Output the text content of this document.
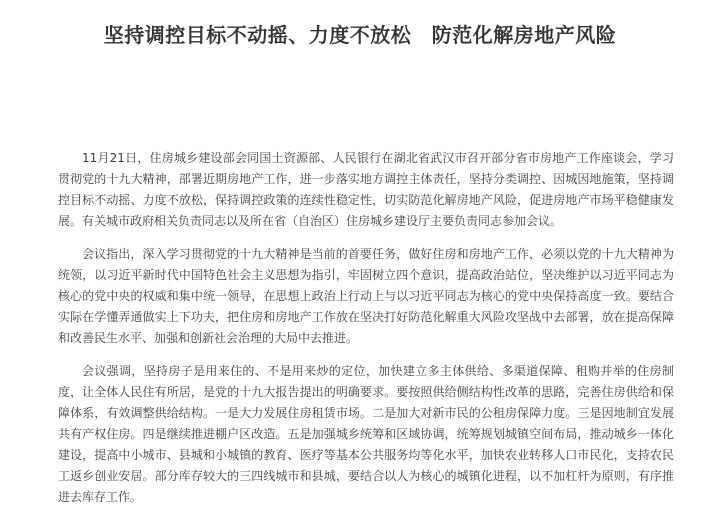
坚持调控目标不动摇、力度不放松　防范化解房地产风险

11月21日，住房城乡建设部会同国土资源部、人民银行在湖北省武汉市召开部分省市房地产工作座谈会，学习贯彻党的十九大精神，部署近期房地产工作，进一步落实地方调控主体责任，坚持分类调控、因城因地施策，坚持调控目标不动摇、力度不放松，保持调控政策的连续性稳定性，切实防范化解房地产风险，促进房地产市场平稳健康发展。有关城市政府相关负责同志以及所在省（自治区）住房城乡建设厅主要负责同志参加会议。

会议指出，深入学习贯彻党的十九大精神是当前的首要任务，做好住房和房地产工作，必须以党的十九大精神为统领，以习近平新时代中国特色社会主义思想为指引，牢固树立四个意识，提高政治站位，坚决维护以习近平同志为核心的党中央的权威和集中统一领导，在思想上政治上行动上与以习近平同志为核心的党中央保持高度一致。要结合实际在学懂弄通做实上下功夫，把住房和房地产工作放在坚决打好防范化解重大风险攻坚战中去部署，放在提高保障和改善民生水平、加强和创新社会治理的大局中去推进。

会议强调，坚持房子是用来住的、不是用来炒的定位，加快建立多主体供给、多渠道保障、租购并举的住房制度，让全体人民住有所居，是党的十九大报告提出的明确要求。要按照供给侧结构性改革的思路，完善住房供给和保障体系，有效调整供给结构。一是大力发展住房租赁市场。二是加大对新市民的公租房保障力度。三是因地制宜发展共有产权住房。四是继续推进棚户区改造。五是加强城乡统筹和区域协调，统筹规划城镇空间布局，推动城乡一体化建设，提高中小城市、县城和小城镇的教育、医疗等基本公共服务均等化水平，加快农业转移人口市民化，支持农民工返乡创业安居。部分库存较大的三四线城市和县城，要结合以人为核心的城镇化进程，以不加杠杆为原则，有序推进去库存工作。
